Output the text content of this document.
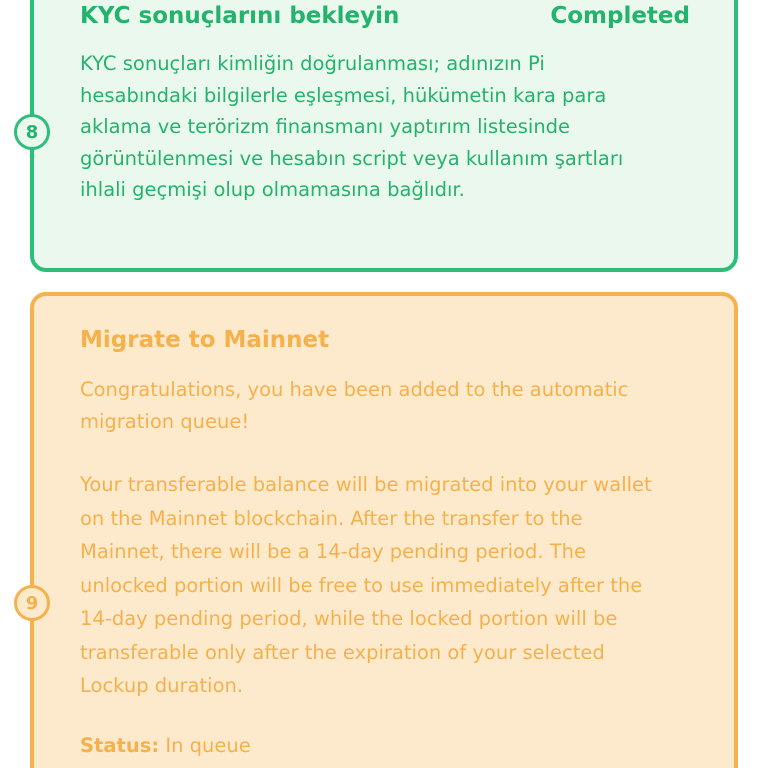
KYC sonuçlarını bekleyin	Completed
KYC sonuçları kimliğin doğrulanması; adınızın Pi
hesabındaki bilgilerle eşleşmesi, hükümetin kara para
aklama ve terörizm finansmanı yaptırım listesinde
görüntülenmesi ve hesabın script veya kullanım şartları
ihlali geçmişi olup olmamasına bağlıdır.
8
Migrate to Mainnet
Congratulations, you have been added to the automatic
migration queue!
Your transferable balance will be migrated into your wallet
on the Mainnet blockchain. After the transfer to the
Mainnet, there will be a 14-day pending period. The
unlocked portion will be free to use immediately after the
14-day pending period, while the locked portion will be
transferable only after the expiration of your selected
Lockup duration.
Status: In queue
9
